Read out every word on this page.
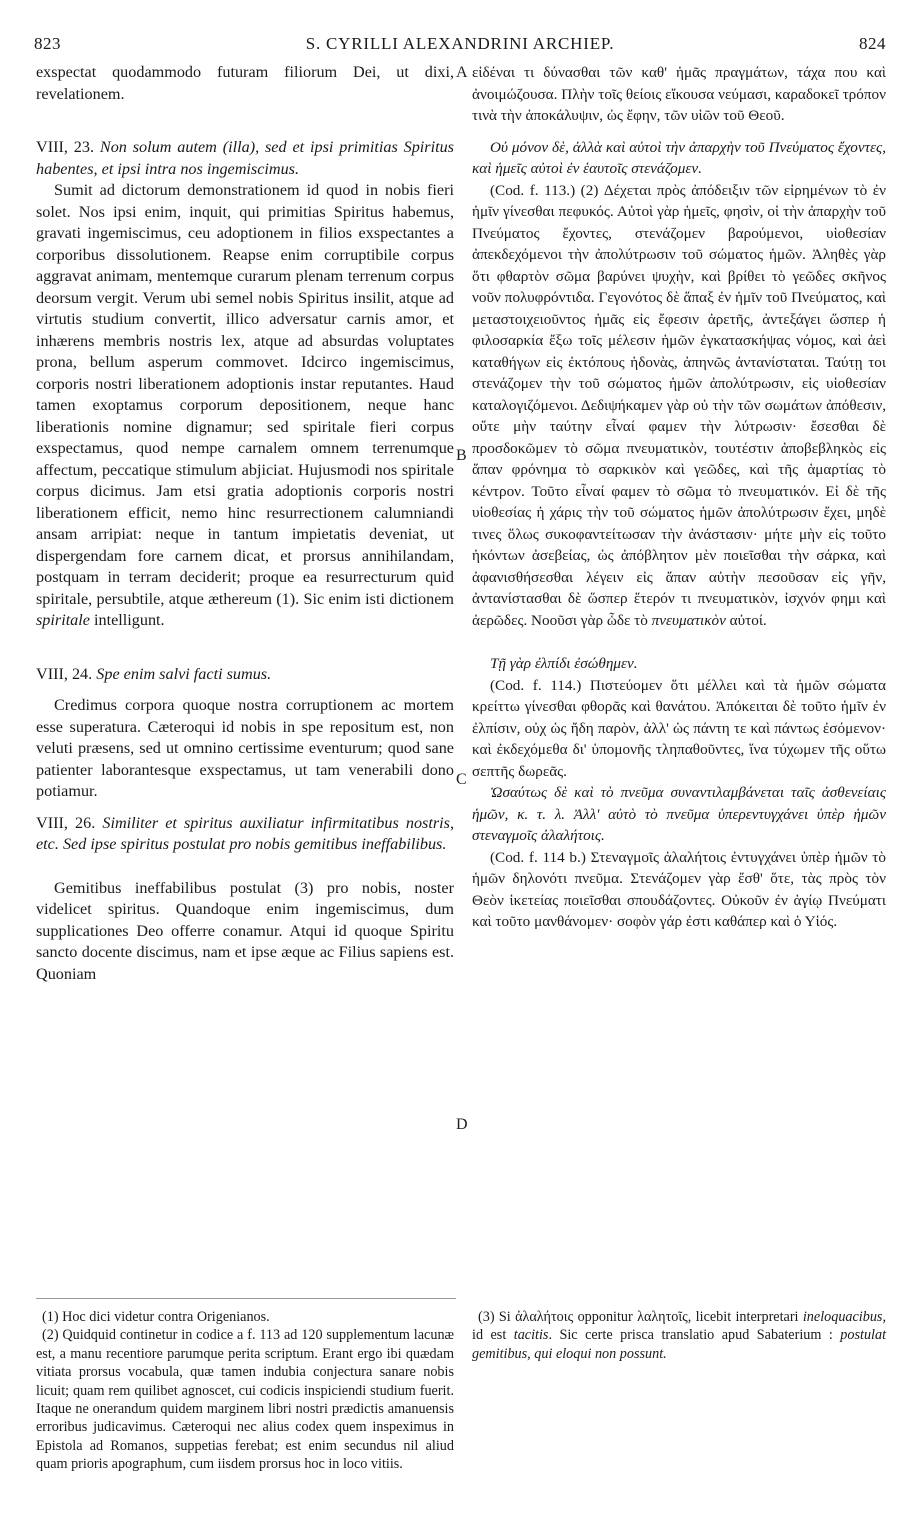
823	S. CYRILLI ALEXANDRINI ARCHIEP.	824

exspectat quodammodo futuram filiorum Dei, ut dixi, revelationem.

VIII, 23. Non solum autem (illa), sed et ipsi primitias Spiritus habentes, et ipsi intra nos ingemiscimus.

Sumit ad dictorum demonstrationem id quod in nobis fieri solet. Nos ipsi enim, inquit, qui primitias Spiritus habemus, gravati ingemiscimus, ceu adoptionem in filios exspectantes a corporibus dissolutionem. Reapse enim corruptibile corpus aggravat animam, mentemque curarum plenam terrenum corpus deorsum vergit. Verum ubi semel nobis Spiritus insilit, atque ad virtutis studium convertit, illico adversatur carnis amor, et inhærens membris nostris lex, atque ad absurdas voluptates prona, bellum asperum commovet. Idcirco ingemiscimus, corporis nostri liberationem adoptionis instar reputantes. Haud tamen exoptamus corporum depositionem, neque hanc liberationis nomine dignamur; sed spiritale fieri corpus exspectamus, quod nempe carnalem omnem terrenumque affectum, peccatique stimulum abjiciat. Hujusmodi nos spiritale corpus dicimus. Jam etsi gratia adoptionis corporis nostri liberationem efficit, nemo hinc resurrectionem calumniandi ansam arripiat: neque in tantum impietatis deveniat, ut dispergendam fore carnem dicat, et prorsus annihilandam, postquam in terram deciderit; proque ea resurrecturum quid spiritale, persubtile, atque æthereum (1). Sic enim isti dictionem spiritale intelligunt.

VIII, 24. Spe enim salvi facti sumus.

Credimus corpora quoque nostra corruptionem ac mortem esse superatura. Cæteroqui id nobis in spe repositum est, non veluti præsens, sed ut omnino certissime eventurum; quod sane patienter laborantesque exspectamus, ut tam venerabili dono potiamur.

VIII, 26. Similiter et spiritus auxiliatur infirmitatibus nostris, etc. Sed ipse spiritus postulat pro nobis gemitibus ineffabilibus.

Gemitibus ineffabilibus postulat (3) pro nobis, noster videlicet spiritus. Quandoque enim ingemiscimus, dum supplicationes Deo offerre conamur. Atqui id quoque Spiritu sancto docente discimus, nam et ipse æque ac Filius sapiens est. Quoniam

A
B
C
D

εἰδέναι τι δύνασθαι τῶν καθ' ἡμᾶς πραγμάτων, τάχα που καὶ ἀνοιμώζουσα. Πλὴν τοῖς θείοις εἴκουσα νεύμασι, καραδοκεῖ τρόπον τινὰ τὴν ἀποκάλυψιν, ὡς ἔφην, τῶν υἱῶν τοῦ Θεοῦ.

Οὐ μόνον δὲ, ἀλλὰ καὶ αὐτοὶ τὴν ἀπαρχὴν τοῦ Πνεύματος ἔχοντες, καὶ ἡμεῖς αὐτοὶ ἐν ἑαυτοῖς στενάζομεν.

(Cod. f. 113.) (2) Δέχεται πρὸς ἀπόδειξιν τῶν εἰρημένων τὸ ἐν ἡμῖν γίνεσθαι πεφυκός. Αὐτοὶ γὰρ ἡμεῖς, φησὶν, οἱ τὴν ἀπαρχὴν τοῦ Πνεύματος ἔχοντες, στενάζομεν βαρούμενοι, υἱοθεσίαν ἀπεκδεχόμενοι τὴν ἀπολύτρωσιν τοῦ σώματος ἡμῶν. Ἀληθὲς γὰρ ὅτι φθαρτὸν σῶμα βαρύνει ψυχὴν, καὶ βρίθει τὸ γεῶδες σκῆνος νοῦν πολυφρόντιδα. Γεγονότος δὲ ἅπαξ ἐν ἡμῖν τοῦ Πνεύματος, καὶ μεταστοιχειοῦντος ἡμᾶς εἰς ἔφεσιν ἀρετῆς, ἀντεξάγει ὥσπερ ἡ φιλοσαρκία ἔξω τοῖς μέλεσιν ἡμῶν ἐγκατασκήψας νόμος, καὶ ἀεὶ καταθήγων εἰς ἐκτόπους ἡδονὰς, ἀπηνῶς ἀντανίσταται. Ταύτῃ τοι στενάζομεν τὴν τοῦ σώματος ἡμῶν ἀπολύτρωσιν, εἰς υἱοθεσίαν καταλογιζόμενοι. Δεδιψήκαμεν γὰρ οὐ τὴν τῶν σωμάτων ἀπόθεσιν, οὔτε μὴν ταύτην εἶναί φαμεν τὴν λύτρωσιν· ἔσεσθαι δὲ προσδοκῶμεν τὸ σῶμα πνευματικὸν, τουτέστιν ἀποβεβληκὸς εἰς ἅπαν φρόνημα τὸ σαρκικὸν καὶ γεῶδες, καὶ τῆς ἁμαρτίας τὸ κέντρον. Τοῦτο εἶναί φαμεν τὸ σῶμα τὸ πνευματικόν. Εἰ δὲ τῆς υἱοθεσίας ἡ χάρις τὴν τοῦ σώματος ἡμῶν ἀπολύτρωσιν ἔχει, μηδὲ τινες ὅλως συκοφαντείτωσαν τὴν ἀνάστασιν· μήτε μὴν εἰς τοῦτο ἡκόντων ἀσεβείας, ὡς ἀπόβλητον μὲν ποιεῖσθαι τὴν σάρκα, καὶ ἀφανισθήσεσθαι λέγειν εἰς ἅπαν αὐτὴν πεσοῦσαν εἰς γῆν, ἀντανίστασθαι δὲ ὥσπερ ἕτερόν τι πνευματικὸν, ἰσχνόν φημι καὶ ἀερῶδες. Νοοῦσι γὰρ ὧδε τὸ πνευματικὸν αὐτοί.

Τῇ γὰρ ἐλπίδι ἐσώθημεν.

(Cod. f. 114.) Πιστεύομεν ὅτι μέλλει καὶ τὰ ἡμῶν σώματα κρείττω γίνεσθαι φθορᾶς καὶ θανάτου. Ἀπόκειται δὲ τοῦτο ἡμῖν ἐν ἐλπίσιν, οὐχ ὡς ἤδη παρὸν, ἀλλ' ὡς πάντη τε καὶ πάντως ἐσόμενον· καὶ ἐκδεχόμεθα δι' ὑπομονῆς τληπαθοῦντες, ἵνα τύχωμεν τῆς οὕτω σεπτῆς δωρεᾶς.

Ὡσαύτως δὲ καὶ τὸ πνεῦμα συναντιλαμβάνεται ταῖς ἀσθενείαις ἡμῶν, κ. τ. λ. Ἀλλ' αὐτὸ τὸ πνεῦμα ὑπερεντυγχάνει ὑπὲρ ἡμῶν στεναγμοῖς ἀλαλήτοις.

(Cod. f. 114 b.) Στεναγμοῖς ἀλαλήτοις ἐντυγχάνει ὑπὲρ ἡμῶν τὸ ἡμῶν δηλονότι πνεῦμα. Στενάζομεν γὰρ ἔσθ' ὅτε, τὰς πρὸς τὸν Θεὸν ἱκετείας ποιεῖσθαι σπουδάζοντες. Οὐκοῦν ἐν ἁγίῳ Πνεύματι καὶ τοῦτο μανθάνομεν· σοφὸν γάρ ἐστι καθάπερ καὶ ὁ Υἱός.

(1) Hoc dici videtur contra Origenianos.

(2) Quidquid continetur in codice a f. 113 ad 120 supplementum lacunæ est, a manu recentiore parumque perita scriptum. Erant ergo ibi quædam vitiata prorsus vocabula, quæ tamen indubia conjectura sanare nobis licuit; quam rem quilibet agnoscet, cui codicis inspiciendi studium fuerit. Itaque ne onerandum quidem marginem libri nostri prædictis amanuensis erroribus judicavimus. Cæteroqui nec alius codex quem inspeximus in Epistola ad Romanos, suppetias ferebat; est enim secundus nil aliud quam prioris apographum, cum iisdem prorsus hoc in loco vitiis.

(3) Si ἀλαλήτοις opponitur λαλητοῖς, licebit interpretari ineloquacibus, id est tacitis. Sic certe prisca translatio apud Sabaterium : postulat gemitibus, qui eloqui non possunt.
